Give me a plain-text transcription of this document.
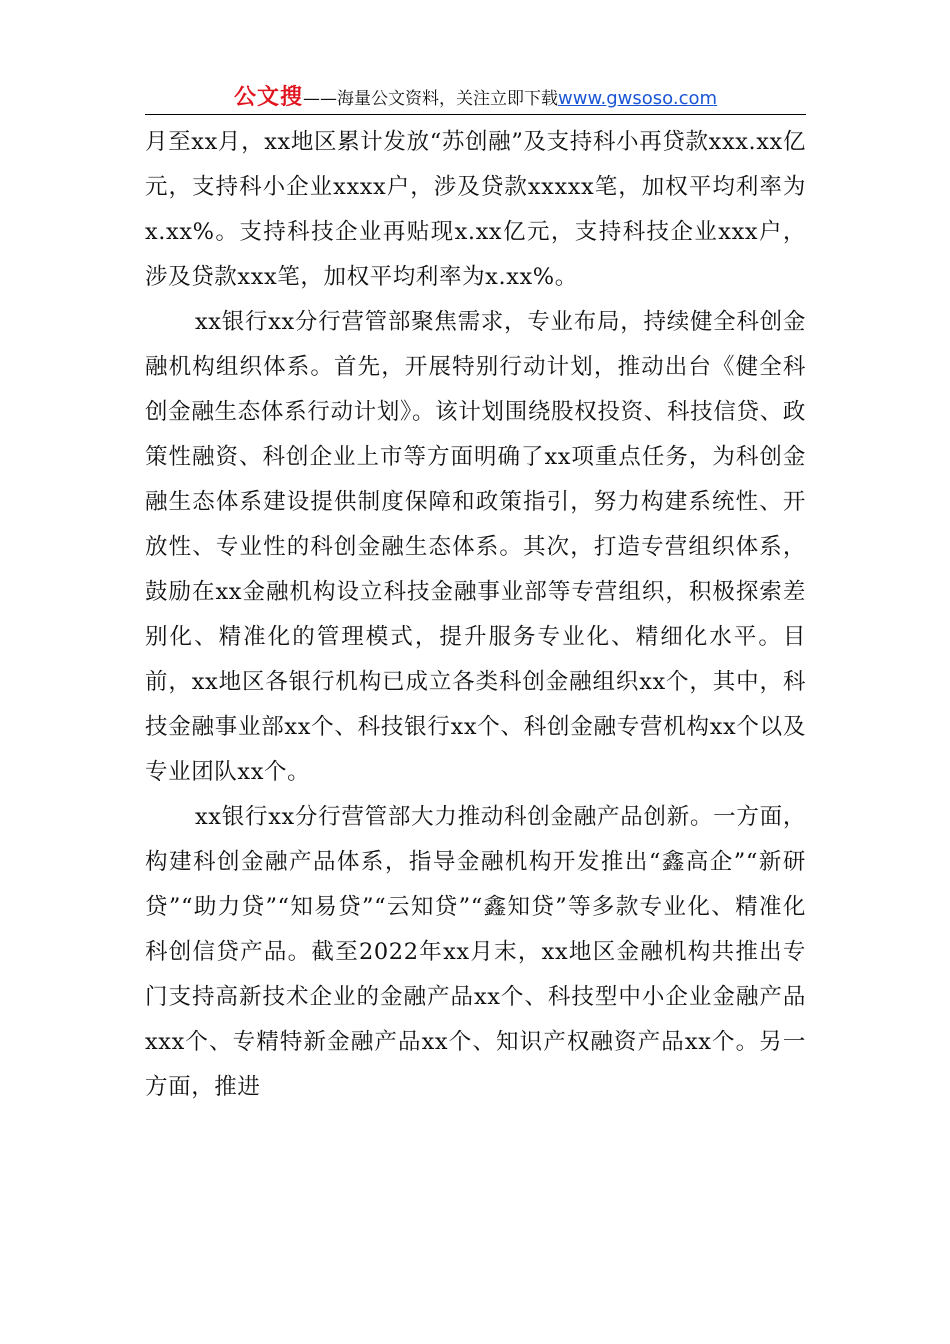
公文搜——海量公文资料，关注立即下载www.gwsoso.com

月至xx月，xx地区累计发放“苏创融”及支持科小再贷款xxx.xx亿元，支持科小企业xxxx户，涉及贷款xxxxx笔，加权平均利率为x.xx%。支持科技企业再贴现x.xx亿元，支持科技企业xxx户，涉及贷款xxx笔，加权平均利率为x.xx%。

xx银行xx分行营管部聚焦需求，专业布局，持续健全科创金融机构组织体系。首先，开展特别行动计划，推动出台《健全科创金融生态体系行动计划》。该计划围绕股权投资、科技信贷、政策性融资、科创企业上市等方面明确了xx项重点任务，为科创金融生态体系建设提供制度保障和政策指引，努力构建系统性、开放性、专业性的科创金融生态体系。其次，打造专营组织体系，鼓励在xx金融机构设立科技金融事业部等专营组织，积极探索差别化、精准化的管理模式，提升服务专业化、精细化水平。目前，xx地区各银行机构已成立各类科创金融组织xx个，其中，科技金融事业部xx个、科技银行xx个、科创金融专营机构xx个以及专业团队xx个。

xx银行xx分行营管部大力推动科创金融产品创新。一方面，构建科创金融产品体系，指导金融机构开发推出“鑫高企”“新研贷”“助力贷”“知易贷”“云知贷”“鑫知贷”等多款专业化、精准化科创信贷产品。截至2022年xx月末，xx地区金融机构共推出专门支持高新技术企业的金融产品xx个、科技型中小企业金融产品xxx个、专精特新金融产品xx个、知识产权融资产品xx个。另一方面，推进
